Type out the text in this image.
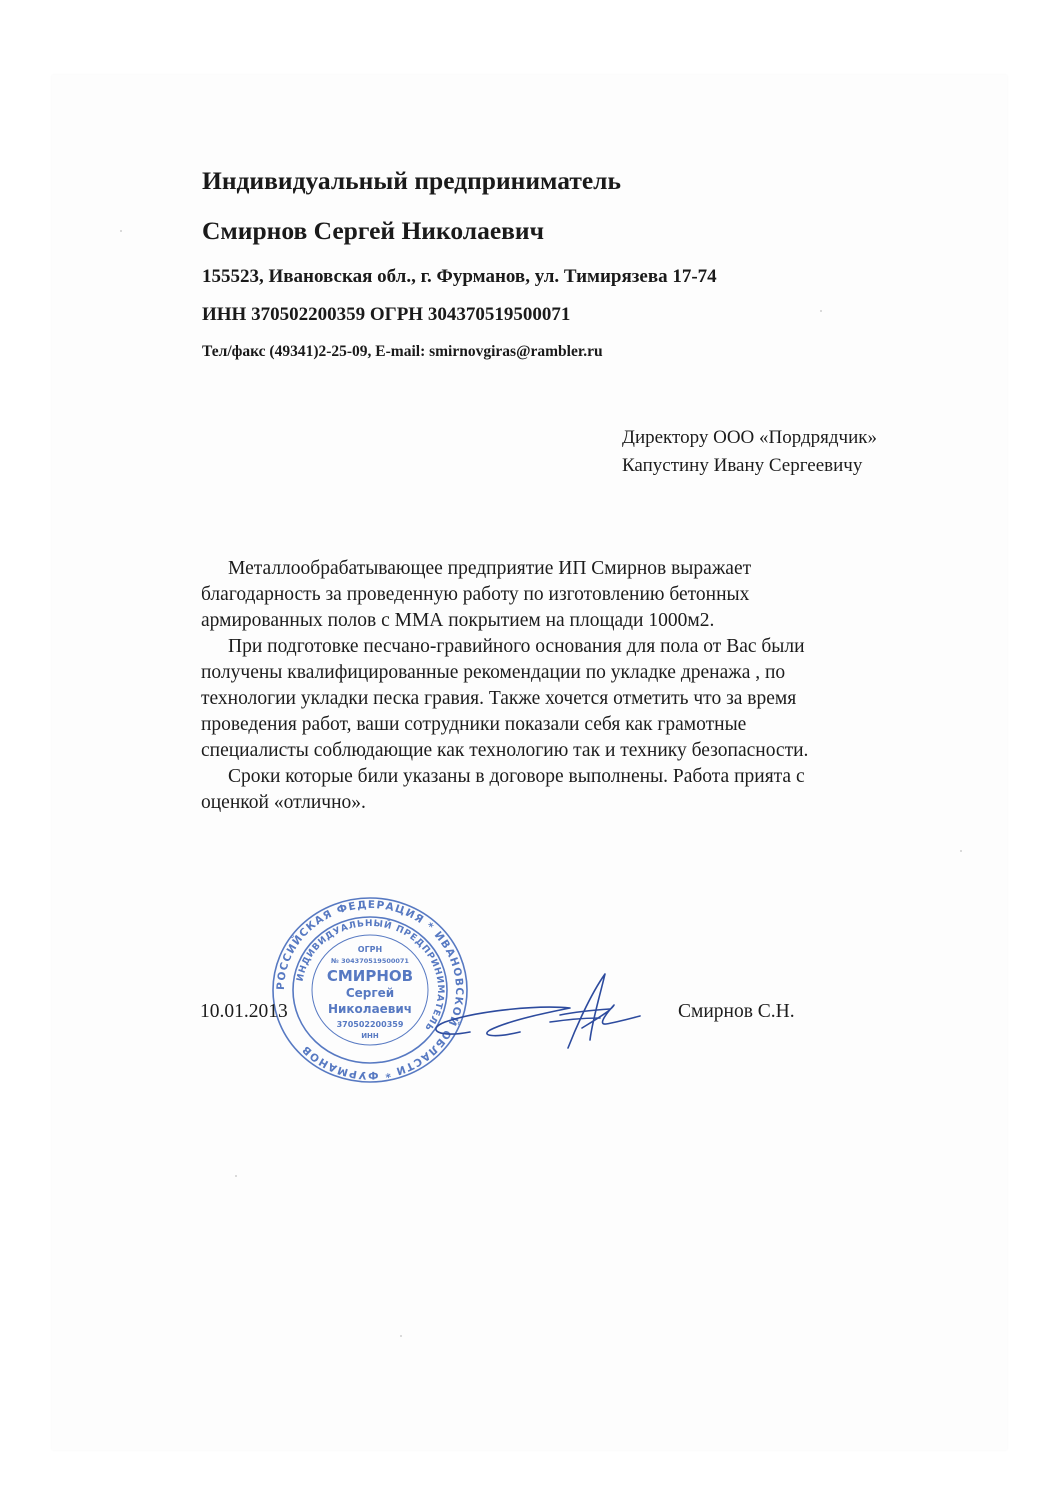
Индивидуальный предприниматель
Смирнов Сергей Николаевич
155523, Ивановская обл., г. Фурманов, ул. Тимирязева 17-74
ИНН 370502200359 ОГРН 304370519500071
Тел/факс (49341)2-25-09, E-mail: smirnovgiras@rambler.ru
Директору ООО «Пордрядчик»
Капустину Ивану Сергеевичу
Металлообрабатывающее предприятие ИП Смирнов выражает
благодарность за проведенную работу по изготовлению бетонных
армированных полов с ММА покрытием на площади 1000м2.
При подготовке песчано-гравийного основания для пола от Вас были
получены квалифицированные рекомендации по укладке дренажа , по
технологии укладки песка гравия. Также хочется отметить что за время
проведения работ, ваши сотрудники показали себя как грамотные
специалисты соблюдающие как технологию так и технику безопасности.
Сроки которые били указаны в договоре выполнены. Работа прията с
оценкой «отлично».
РОССИЙСКАЯ ФЕДЕРАЦИЯ * ИВАНОВСКОЙ ОБЛАСТИ * ФУРМАНОВ
ИНДИВИДУАЛЬНЫЙ ПРЕДПРИНИМАТЕЛЬ
ОГРН
№ 304370519500071
СМИРНОВ
Сергей
Николаевич
370502200359
ИНН
10.01.2013	Смирнов С.Н.
